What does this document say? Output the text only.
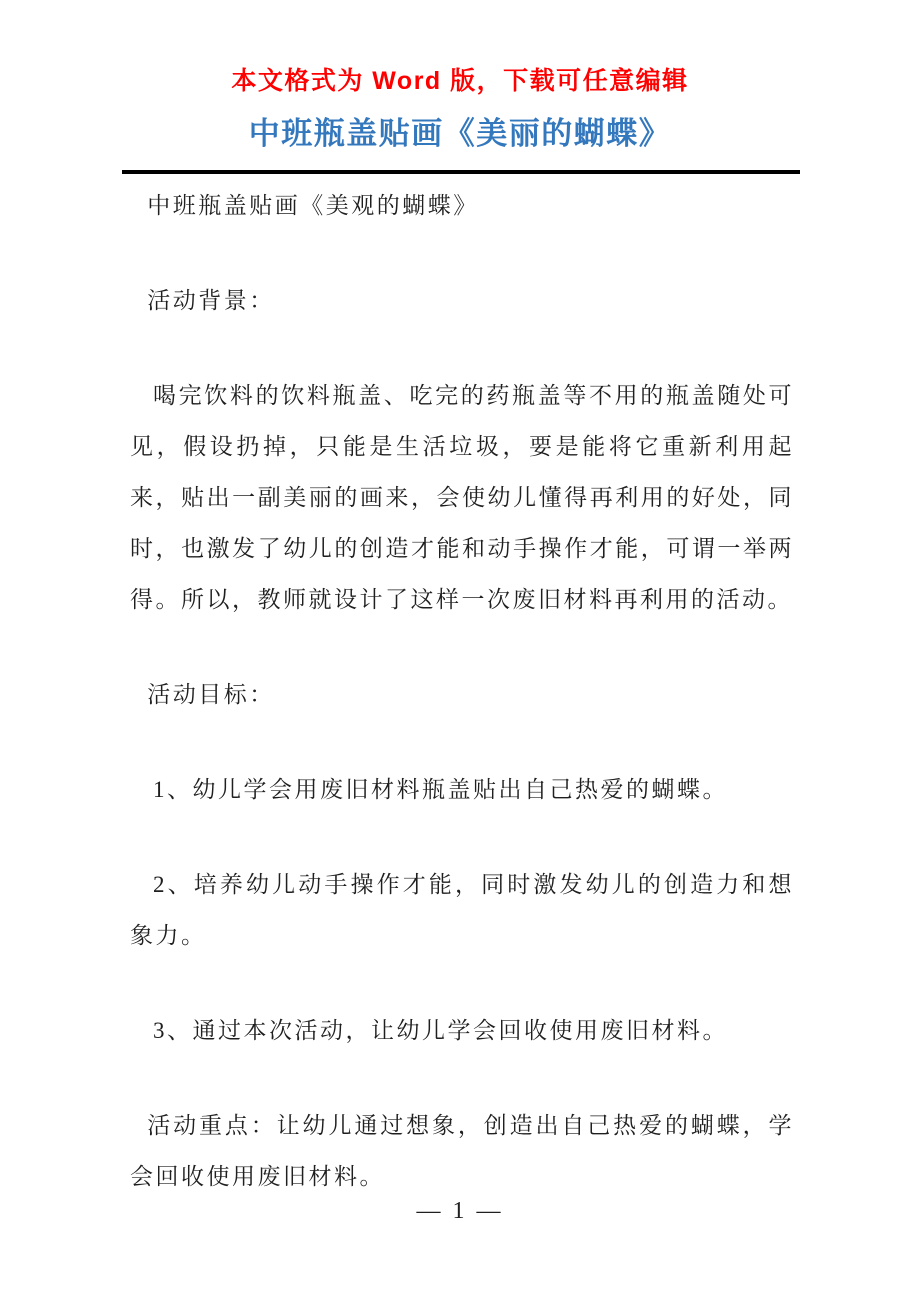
本文格式为 Word 版，下载可任意编辑
中班瓶盖贴画《美丽的蝴蝶》

中班瓶盖贴画《美观的蝴蝶》

活动背景：

喝完饮料的饮料瓶盖、吃完的药瓶盖等不用的瓶盖随处可见，假设扔掉，只能是生活垃圾，要是能将它重新利用起来，贴出一副美丽的画来，会使幼儿懂得再利用的好处，同时，也激发了幼儿的创造才能和动手操作才能，可谓一举两得。所以，教师就设计了这样一次废旧材料再利用的活动。

活动目标：

1、幼儿学会用废旧材料瓶盖贴出自己热爱的蝴蝶。

2、培养幼儿动手操作才能，同时激发幼儿的创造力和想象力。

3、通过本次活动，让幼儿学会回收使用废旧材料。

活动重点：让幼儿通过想象，创造出自己热爱的蝴蝶，学会回收使用废旧材料。

— 1 —
